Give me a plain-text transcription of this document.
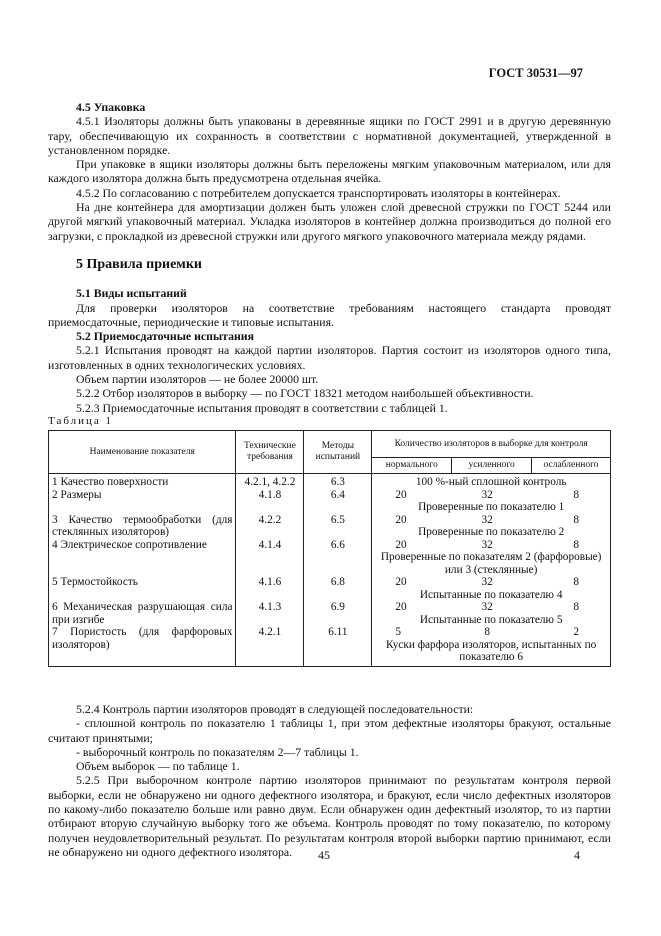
ГОСТ 30531—97

4.5 Упаковка

4.5.1 Изоляторы должны быть упакованы в деревянные ящики по ГОСТ 2991 и в другую деревянную тару, обеспечивающую их сохранность в соответствии с нормативной документацией, утвержденной в установленном порядке.

При упаковке в ящики изоляторы должны быть переложены мягким упаковочным материалом, или для каждого изолятора должна быть предусмотрена отдельная ячейка.

4.5.2 По согласованию с потребителем допускается транспортировать изоляторы в контейнерах.

На дне контейнера для амортизации должен быть уложен слой древесной стружки по ГОСТ 5244 или другой мягкий упаковочный материал. Укладка изоляторов в контейнер должна производиться до полной его загрузки, с прокладкой из древесной стружки или другого мягкого упаковочного материала между рядами.

5 Правила приемки

5.1 Виды испытаний

Для проверки изоляторов на соответствие требованиям настоящего стандарта проводят приемосдаточные, периодические и типовые испытания.

5.2 Приемосдаточные испытания

5.2.1 Испытания проводят на каждой партии изоляторов. Партия состоит из изоляторов одного типа, изготовленных в одних технологических условиях.

Объем партии изоляторов — не более 20000 шт.

5.2.2 Отбор изоляторов в выборку — по ГОСТ 18321 методом наибольшей объективности.

5.2.3 Приемосдаточные испытания проводят в соответствии с таблицей 1.

Таблица 1
Наименование показателя	Технические требования	Методы испытаний	Количество изоляторов в выборке для контроля		
			нормального	усиленного	ослабленного
1 Качество поверхности	4.2.1, 4.2.2	6.3	100 %-ный сплошной контроль		

2 Размеры	4.1.8	6.4	20 32 8
Проверенные по показателю 1		

3 Качество термообработки (для стеклянных изоляторов)	4.2.2	6.5	20 32 8
Проверенные по показателю 2		

4 Электрическое сопротивление	4.1.4	6.6	20 32 8
Проверенные по показателям 2 (фарфоровые) или 3 (стеклянные)		

5 Термостойкость	4.1.6	6.8	20 32 8
Испытанные по показателю 4		

6 Механическая разрушающая сила при изгибе	4.1.3	6.9	20 32 8
Испытанные по показателю 5		

7 Пористость (для фарфоровых изоляторов)	4.2.1	6.11	5 8 2
Куски фарфора изоляторов, испытанных по показателю 6		

5.2.4 Контроль партии изоляторов проводят в следующей последовательности:

- сплошной контроль по показателю 1 таблицы 1, при этом дефектные изоляторы бракуют, остальные считают принятыми;

- выборочный контроль по показателям 2—7 таблицы 1.

Объем выборок — по таблице 1.

5.2.5 При выборочном контроле партию изоляторов принимают по результатам контроля первой выборки, если не обнаружено ни одного дефектного изолятора, и бракуют, если число дефектных изоляторов по какому-либо показателю больше или равно двум. Если обнаружен один дефектный изолятор, то из партии отбирают вторую случайную выборку того же объема. Контроль проводят по тому показателю, по которому получен неудовлетворительный результат. По результатам контроля второй выборки партию принимают, если не обнаружено ни одного дефектного изолятора.	45	4
